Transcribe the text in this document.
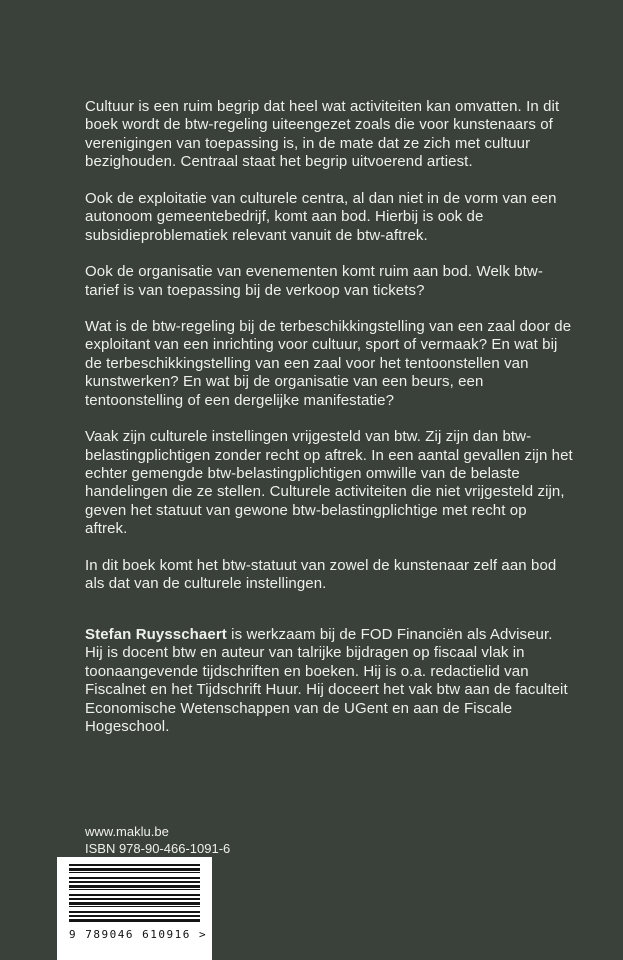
Cultuur is een ruim begrip dat heel wat activiteiten kan omvatten. In dit boek wordt de btw-regeling uiteengezet zoals die voor kunstenaars of verenigingen van toepassing is, in de mate dat ze zich met cultuur bezighouden. Centraal staat het begrip uitvoerend artiest.

Ook de exploitatie van culturele centra, al dan niet in de vorm van een autonoom gemeentebedrijf, komt aan bod. Hierbij is ook de subsidieproblematiek relevant vanuit de btw-aftrek.

Ook de organisatie van evenementen komt ruim aan bod. Welk btw-tarief is van toepassing bij de verkoop van tickets?

Wat is de btw-regeling bij de terbeschikkingstelling van een zaal door de exploitant van een inrichting voor cultuur, sport of vermaak? En wat bij de terbeschikkingstelling van een zaal voor het tentoonstellen van kunstwerken? En wat bij de organisatie van een beurs, een tentoonstelling of een dergelijke manifestatie?

Vaak zijn culturele instellingen vrijgesteld van btw. Zij zijn dan btw-belastingplichtigen zonder recht op aftrek. In een aantal gevallen zijn het echter gemengde btw-belastingplichtigen omwille van de belaste handelingen die ze stellen. Culturele activiteiten die niet vrijgesteld zijn, geven het statuut van gewone btw-belastingplichtige met recht op aftrek.

In dit boek komt het btw-statuut van zowel de kunstenaar zelf aan bod als dat van de culturele instellingen.

Stefan Ruysschaert is werkzaam bij de FOD Financiën als Adviseur. Hij is docent btw en auteur van talrijke bijdragen op fiscaal vlak in toonaangevende tijdschriften en boeken. Hij is o.a. redactielid van Fiscalnet en het Tijdschrift Huur. Hij doceert het vak btw aan de faculteit Economische Wetenschappen van de UGent en aan de Fiscale Hogeschool.

www.maklu.be
ISBN 978-90-466-1091-6
9 789046 610916 >
